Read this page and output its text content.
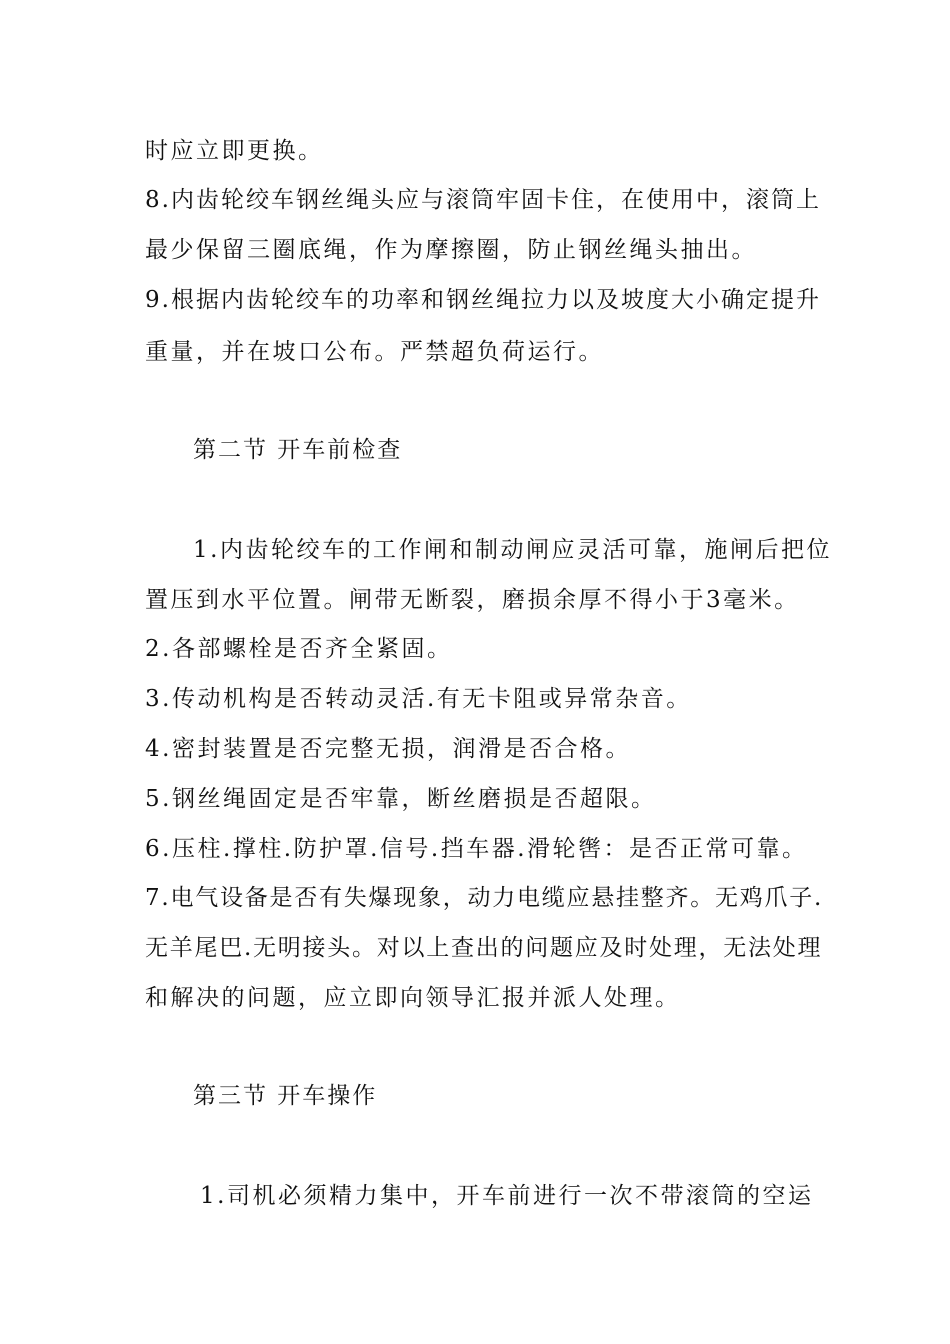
时应立即更换。
8.内齿轮绞车钢丝绳头应与滚筒牢固卡住，在使用中，滚筒上
最少保留三圈底绳，作为摩擦圈，防止钢丝绳头抽出。
9.根据内齿轮绞车的功率和钢丝绳拉力以及坡度大小确定提升
重量，并在坡口公布。严禁超负荷运行。
第二节 开车前检查
1.内齿轮绞车的工作闸和制动闸应灵活可靠，施闸后把位
置压到水平位置。闸带无断裂，磨损余厚不得小于3毫米。
2.各部螺栓是否齐全紧固。
3.传动机构是否转动灵活.有无卡阻或异常杂音。
4.密封装置是否完整无损，润滑是否合格。
5.钢丝绳固定是否牢靠，断丝磨损是否超限。
6.压柱.撑柱.防护罩.信号.挡车器.滑轮辔：是否正常可靠。
7.电气设备是否有失爆现象，动力电缆应悬挂整齐。无鸡爪子.
无羊尾巴.无明接头。对以上查出的问题应及时处理，无法处理
和解决的问题，应立即向领导汇报并派人处理。
第三节 开车操作
1.司机必须精力集中，开车前进行一次不带滚筒的空运
